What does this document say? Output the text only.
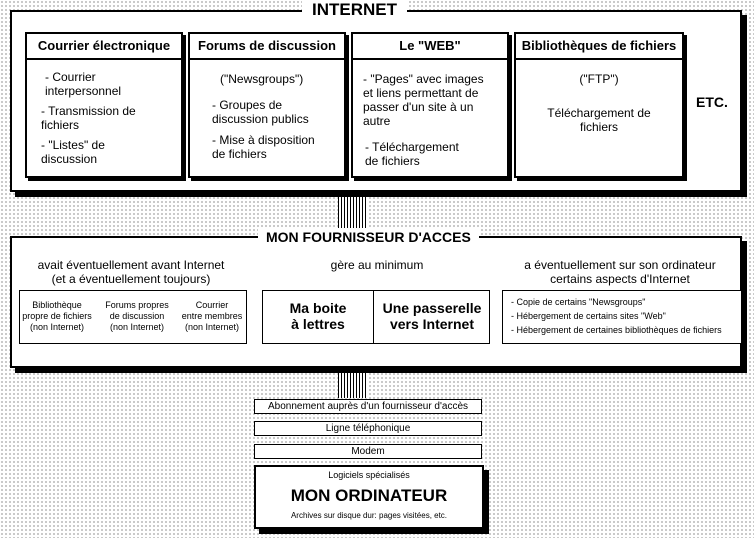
Courrier électronique
- Courrier
interpersonnel
- Transmission de
fichiers
- "Listes" de
discussion
Forums de discussion
("Newsgroups")
- Groupes de
discussion publics
- Mise à disposition
de fichiers
Le "WEB"
- "Pages" avec images
et liens permettant de
passer d'un site à un
autre
- Téléchargement
de fichiers
Bibliothèques de fichiers
("FTP")
Téléchargement de
fichiers
ETC.
INTERNET
avait éventuellement avant Internet
(et a éventuellement toujours)
gère au minimum	a éventuellement sur son ordinateur
certains aspects d'Internet
Bibliothèque
propre de fichiers
(non Internet)
Forums propres
de discussion
(non Internet)
Courrier
entre membres
(non Internet)
Ma boite
à lettres
Une passerelle
vers Internet
- Copie de certains "Newsgroups"
- Hébergement de certains sites "Web"
- Hébergement de certaines bibliothèques de fichiers
MON FOURNISSEUR D'ACCES
Abonnement auprès d'un fournisseur d'accès
Ligne téléphonique
Modem
Logiciels spécialisés
MON ORDINATEUR
Archives sur disque dur: pages visitées, etc.
